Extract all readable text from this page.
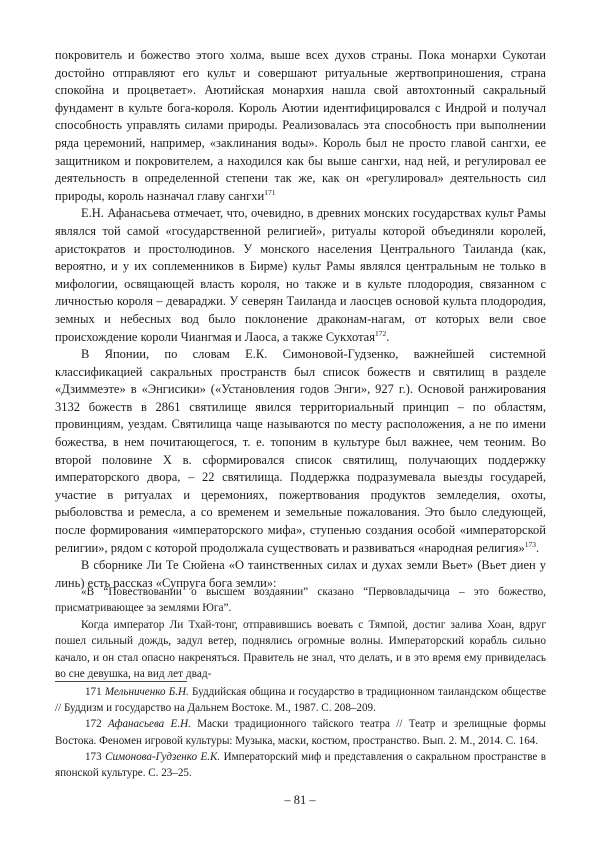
покровитель и божество этого холма, выше всех духов страны. Пока монархи Сукотаи достойно отправляют его культ и совершают ритуальные жертвоприношения, страна спокойна и процветает». Аютийская монархия нашла свой автохтонный сакральный фундамент в культе бога-короля. Король Аютии идентифицировался с Индрой и получал способность управлять силами природы. Реализовалась эта способность при выполнении ряда церемоний, например, «заклинания воды». Король был не просто главой сангхи, ее защитником и покровителем, а находился как бы выше сангхи, над ней, и регулировал ее деятельность в определенной степени так же, как он «регулировал» деятельность сил природы, король назначал главу сангхи$^{171}$

Е.Н. Афанасьева отмечает, что, очевидно, в древних монских государствах культ Рамы являлся той самой «государственной религией», ритуалы которой объединяли королей, аристократов и простолюдинов. У монского населения Центрального Таиланда (как, вероятно, и у их соплеменников в Бирме) культ Рамы являлся центральным не только в мифологии, освящающей власть короля, но также и в культе плодородия, связанном с личностью короля – девараджи. У северян Таиланда и лаосцев основой культа плодородия, земных и небесных вод было поклонение драконам-нагам, от которых вели свое происхождение короли Чиангмая и Лаоса, а также Сукхотая$^{172}$.

В Японии, по словам Е.К. Симоновой-Гудзенко, важнейшей системной классификацией сакральных пространств был список божеств и святилищ в разделе «Дзиммеэте» в «Энгисики» («Установления годов Энги», 927 г.). Основой ранжирования 3132 божеств в 2861 святилище явился территориальный принцип – по областям, провинциям, уездам. Святилища чаще называются по месту расположения, а не по имени божества, в нем почитающегося, т. е. топоним в культуре был важнее, чем теоним. Во второй половине X в. сформировался список святилищ, получающих поддержку императорского двора, – 22 святилища. Поддержка подразумевала выезды государей, участие в ритуалах и церемониях, пожертвования продуктов земледелия, охоты, рыболовства и ремесла, а со временем и земельные пожалования. Это было следующей, после формирования «императорского мифа», ступенью создания особой «императорской религии», рядом с которой продолжала существовать и развиваться «народная религия»$^{173}$.

В сборнике Ли Те Сюйена «О таинственных силах и духах земли Вьет» (Вьет диен у линь) есть рассказ «Супруга бога земли»:

«В “Повествовании о высшем воздаянии” сказано “Первовладычица – это божество, присматривающее за землями Юга”.

Когда император Ли Тхай-тонг, отправившись воевать с Тямпой, достиг залива Хоан, вдруг пошел сильный дождь, задул ветер, поднялись огромные волны. Императорский корабль сильно качало, и он стал опасно накреняться. Правитель не знал, что делать, и в это время ему привиделась во сне девушка, на вид лет двад-

171 Мельниченко Б.Н. Буддийская община и государство в традиционном таиландском обществе // Буддизм и государство на Дальнем Востоке. М., 1987. С. 208–209.

172 Афанасьева Е.Н. Маски традиционного тайского театра // Театр и зрелищные формы Востока. Феномен игровой культуры: Музыка, маски, костюм, пространство. Вып. 2. М., 2014. С. 164.

173 Симонова-Гудзенко Е.К. Императорский миф и представления о сакральном пространстве в японской культуре. С. 23–25.

– 81 –
